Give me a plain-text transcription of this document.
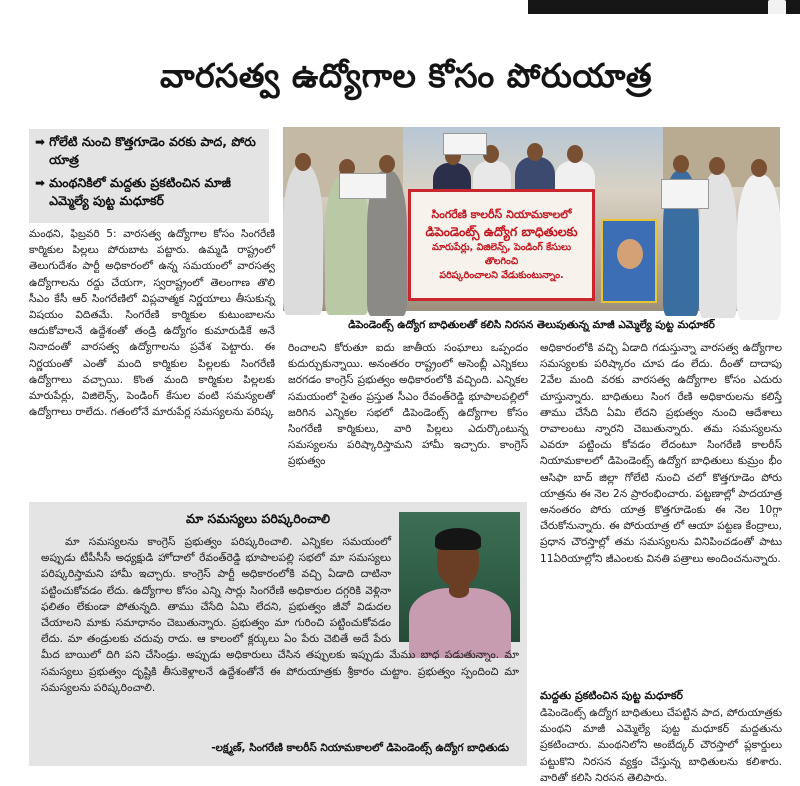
వారసత్వ ఉద్యోగాల కోసం పోరుయాత్ర
➡ గోలేటి నుంచి కొత్తగూడెం వరకు పాద, పోరు యాత్ర
➡ మంథనికిలో మద్దతు ప్రకటించిన మాజీ ఎమ్మెల్యే పుట్ట మధూకర్
సింగరేణి కాలరీస్ నియామకాలలో
డిపెండెంట్స్ ఉద్యోగ బాధితులకు
మారుపేర్లు, విజిలెన్స్, పెండింగ్ కేసులు తొలగించి
పరిష్కరించాలని వేడుకుంటున్నాం.
డిపెండెంట్స్ ఉద్యోగ బాధితులతో కలిసి నిరసన తెలుపుతున్న మాజీ ఎమ్మెల్యే పుట్ట మధూకర్

మంథని, ఫిబ్రవరి 5: వారసత్వ ఉద్యోగాల కోసం సింగరేణి కార్మికుల పిల్లలు పోరుబాట పట్టారు. ఉమ్మడి రాష్ట్రంలో తెలుగుదేశం పార్టీ అధికారంలో ఉన్న సమయంలో వారసత్వ ఉద్యోగాలను రద్దు చేయగా, స్వరాష్ట్రంలో తెలంగాణ తొలి సీఎం కేసీ ఆర్ సింగరేణిలో విప్లవాత్మక నిర్ణయాలు తీసుకున్న విషయం విదితమే. సింగరేణి కార్మికుల కుటుంబాలను ఆదుకోవాలనే ఉద్దేశంతో తండ్రి ఉద్యోగం కుమారుడికే అనే నినాదంతో వారసత్వ ఉద్యోగాలను ప్రవేశ పెట్టారు. ఈ నిర్ణయంతో ఎంతో మంది కార్మికుల పిల్లలకు సింగరేణి ఉద్యోగాలు వచ్చాయి. కొంత మంది కార్మికుల పిల్లలకు మారుపేర్లు, విజిలెన్స్, పెండింగ్ కేసుల వంటి సమస్యలతో ఉద్యోగాలు రాలేదు. గతంలోనే మారుపేర్ల సమస్యలను పరిష్క

రించాలని కోరుతూ ఐదు జాతీయ సంఘాలు ఒప్పందం కుదుర్చుకున్నాయి. అనంతరం రాష్ట్రంలో అసెంబ్లీ ఎన్నికలు జరగడం కాంగ్రెస్ ప్రభుత్వం అధికారంలోకి వచ్చింది. ఎన్నికల సమయంలో సైతం ప్రస్తుత సీఎం రేవంత్‌రెడ్డి భూపాలపల్లిలో జరిగిన ఎన్నికల సభలో డిపెండెంట్స్ ఉద్యోగాల కోసం సింగరేణి కార్మికులు, వారి పిల్లలు ఎదుర్కొంటున్న సమస్యలను పరిష్కారిస్తామని హామీ ఇచ్చారు. కాంగ్రెస్ ప్రభుత్వం

అధికారంలోకి వచ్చి ఏడాది గడుస్తున్నా వారసత్వ ఉద్యోగాల సమస్యలకు పరిష్కారం చూప డం లేదు. దీంతో దాదాపు 2వేల మంది వరకు వారసత్వ ఉద్యోగాల కోసం ఎదురు చూస్తున్నారు. బాధితులు సింగ రేణి అధికారులను కలిస్తే తాము చేసేది ఏమి లేదని ప్రభుత్వం నుంచి ఆదేశాలు రావాలంటు న్నారని చెబుతున్నారు. తమ సమస్యలను ఎవరూ పట్టించు కోవడం లేదంటూ సింగరేణి కాలరీస్ నియామకాలలో డిపెండెంట్స్ ఉద్యోగ బాధితులు కుమ్రం భీం ఆసిఫా బాద్ జిల్లా గోలేటి నుంచి చలో కొత్తగూడెం పోరు యాత్రను ఈ నెల 2న ప్రారంభించారు. పట్టణాల్లో పాదయాత్ర అనంతరం పోరు యాత్ర కొత్తగూడెంకు ఈ నెల 10గ్గా చేరుకోనున్నారు. ఈ పోరుయాత్ర లో ఆయా పట్టణ కేంద్రాలు, ప్రధాన చౌరస్తాల్లో తమ సమస్యలను వినిపించడంతో పాటు 11ఏరియాల్లోని జీఎంలకు వినతి పత్రాలు అందించనున్నారు.

మద్దతు ప్రకటించిన పుట్ట మధూకర్
డిపెండెంట్స్ ఉద్యోగ బాధితులు చేపట్టిన పాద, పోరుయాత్రకు మంథని మాజీ ఎమ్మెల్యే పుట్ట మధూకర్ మద్దతును ప్రకటించారు. మంథనిలోని అంబేద్కర్ చౌరస్తాలో ప్లకార్డులు పట్టుకొని నిరసన వ్యక్తం చేస్తున్న బాధితులను కలిశారు. వారితో కలిసి నిరసన తెలిపారు.
మా సమస్యలు పరిష్కరించాలి
మా సమస్యలను కాంగ్రెస్ ప్రభుత్వం పరిష్కరించాలి. ఎన్నికల సమయంలో అప్పుడు టీపీసీసీ అధ్యక్షుడి హోదాలో రేవంత్‌రెడ్డి భూపాలపల్లి సభలో మా సమస్యలు పరిష్కరిస్తామని హామీ ఇచ్చారు. కాంగ్రెస్ పార్టీ అధికారంలోకి వచ్చి ఏడాది దాటినా పట్టించుకోవడం లేదు. ఉద్యోగాల కోసం ఎన్ని సార్లు సింగరేణి అధికారుల దగ్గరికి వెళ్లినా ఫలితం లేకుండా పోతున్నది. తాము చేసేది ఏమి లేదని, ప్రభుత్వం జీవో విడుదల చేయాలని మాకు సమాధానం చెబుతున్నారు. ప్రభుత్వం మా గురించి పట్టించుకోవడం లేదు. మా తండ్రులకు చదువు రాదు. ఆ కాలంలో క్లర్కులు ఏం పేరు చెబితే అదే పేరు మీద బాయిలో దిగి పని చేసిండ్రు. అప్పుడు అధికారులు చేసిన తప్పులకు ఇప్పుడు మేము బాధ పడుతున్నాం. మా సమస్యలు ప్రభుత్వం దృష్టికి తీసుకెళ్లాలనే ఉద్దేశంతోనే ఈ పోరుయాత్రకు శ్రీకారం చుట్టాం. ప్రభుత్వం స్పందించి మా సమస్యలను పరిష్కరించాలి.
-లక్ష్మణ్, సింగరేణి కాలరీస్ నియామకాలలో డిపెండెంట్స్ ఉద్యోగ బాధితుడు
